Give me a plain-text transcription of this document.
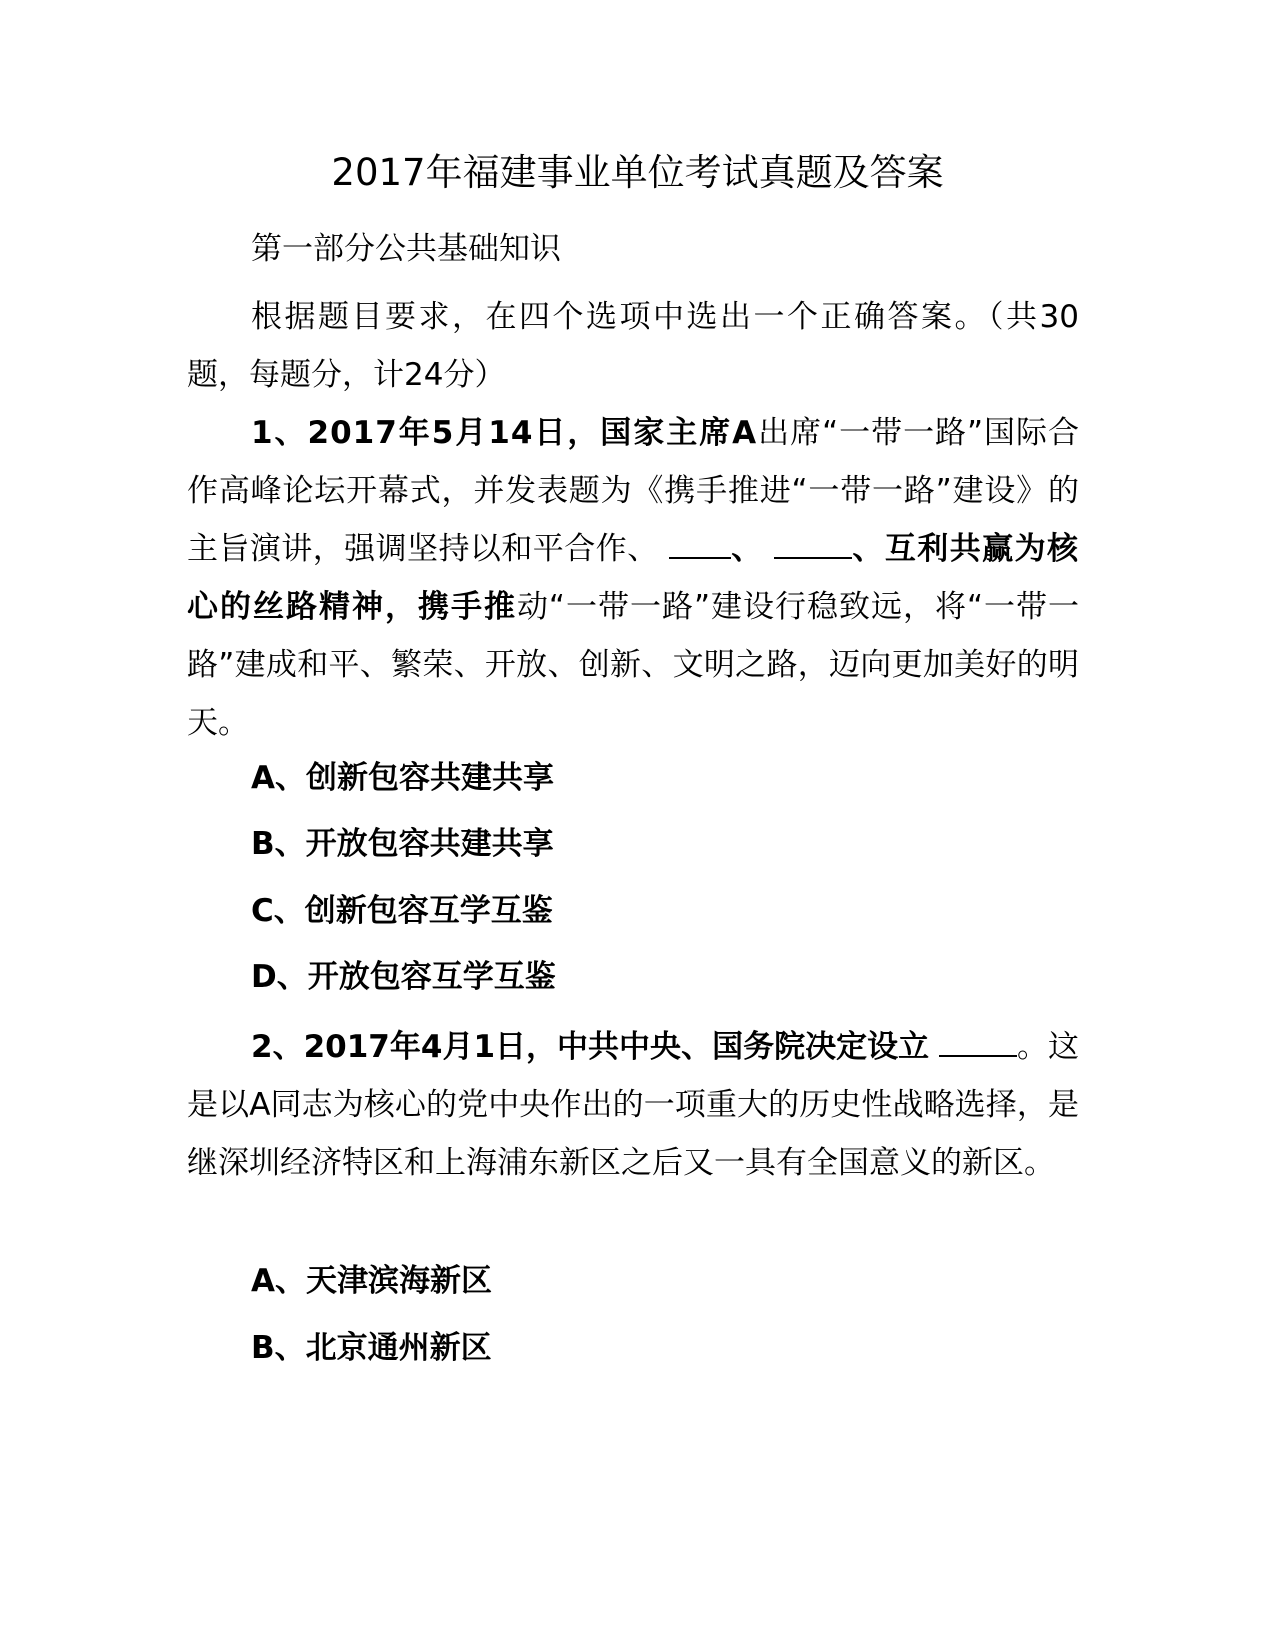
2017年福建事业单位考试真题及答案

第一部分公共基础知识

根据题目要求，在四个选项中选出一个正确答案。（共30题，每题分，计24分）

1、2017年5月14日，国家主席A出席“一带一路”国际合作高峰论坛开幕式，并发表题为《携手推进“一带一路”建设》的主旨演讲，强调坚持以和平合作、 、	、互利共赢为核心的丝路精神，携手推动“一带一路”建设行稳致远，将“一带一路”建成和平、繁荣、开放、创新、文明之路，迈向更加美好的明天。

A、创新包容共建共享

B、开放包容共建共享

C、创新包容互学互鉴

D、开放包容互学互鉴

2、2017年4月1日，中共中央、国务院决定设立	。这是以A同志为核心的党中央作出的一项重大的历史性战略选择，是继深圳经济特区和上海浦东新区之后又一具有全国意义的新区。

A、天津滨海新区

B、北京通州新区
